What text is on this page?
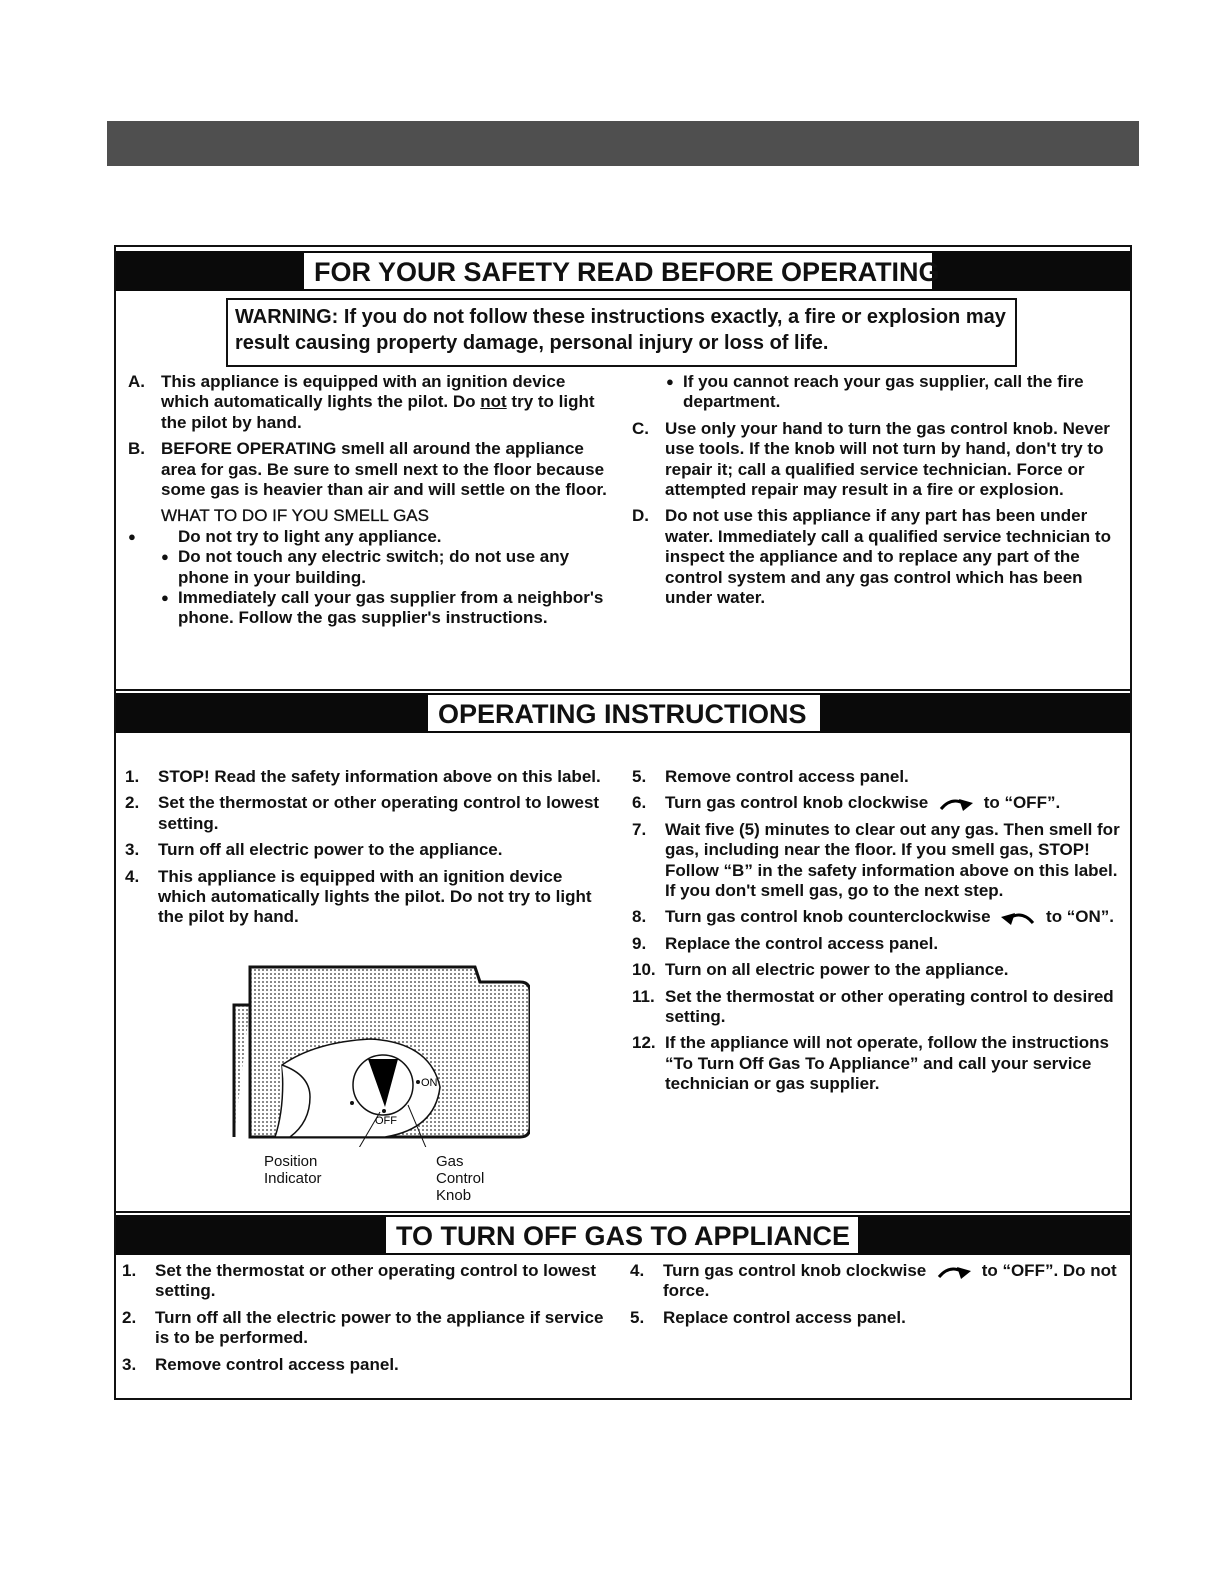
FOR YOUR SAFETY READ BEFORE OPERATING
WARNING: If you do not follow these instructions exactly, a fire or explosion may result causing property damage, personal injury or loss of life.
A. This appliance is equipped with an ignition device which automatically lights the pilot. Do not try to light the pilot by hand.
B. BEFORE OPERATING smell all around the appliance area for gas. Be sure to smell next to the floor because some gas is heavier than air and will settle on the floor.
WHAT TO DO IF YOU SMELL GAS
● Do not try to light any appliance.
● Do not touch any electric switch; do not use any phone in your building.
● Immediately call your gas supplier from a neighbor's phone. Follow the gas supplier's instructions.
● If you cannot reach your gas supplier, call the fire department.
C. Use only your hand to turn the gas control knob. Never use tools. If the knob will not turn by hand, don't try to repair it; call a qualified service technician. Force or attempted repair may result in a fire or explosion.
D. Do not use this appliance if any part has been under water. Immediately call a qualified service technician to inspect the appliance and to replace any part of the control system and any gas control which has been under water.
OPERATING INSTRUCTIONS
1. STOP! Read the safety information above on this label.
2. Set the thermostat or other operating control to lowest setting.
3. Turn off all electric power to the appliance.
4. This appliance is equipped with an ignition device which automatically lights the pilot. Do not try to light the pilot by hand.
ON
OFF
Position Indicator
Gas Control Knob
5. Remove control access panel.
6. Turn gas control knob clockwise	to “OFF”.
7. Wait five (5) minutes to clear out any gas. Then smell for gas, including near the floor. If you smell gas, STOP! Follow “B” in the safety information above on this label. If you don't smell gas, go to the next step.
8. Turn gas control knob counterclockwise	to “ON”.
9. Replace the control access panel.
10. Turn on all electric power to the appliance.
11. Set the thermostat or other operating control to desired setting.
12. If the appliance will not operate, follow the instructions “To Turn Off Gas To Appliance” and call your service technician or gas supplier.
TO TURN OFF GAS TO APPLIANCE
1. Set the thermostat or other operating control to lowest setting.
2. Turn off all the electric power to the appliance if service is to be performed.
3. Remove control access panel.
4. Turn gas control knob clockwise	to “OFF”. Do not force.
5. Replace control access panel.
